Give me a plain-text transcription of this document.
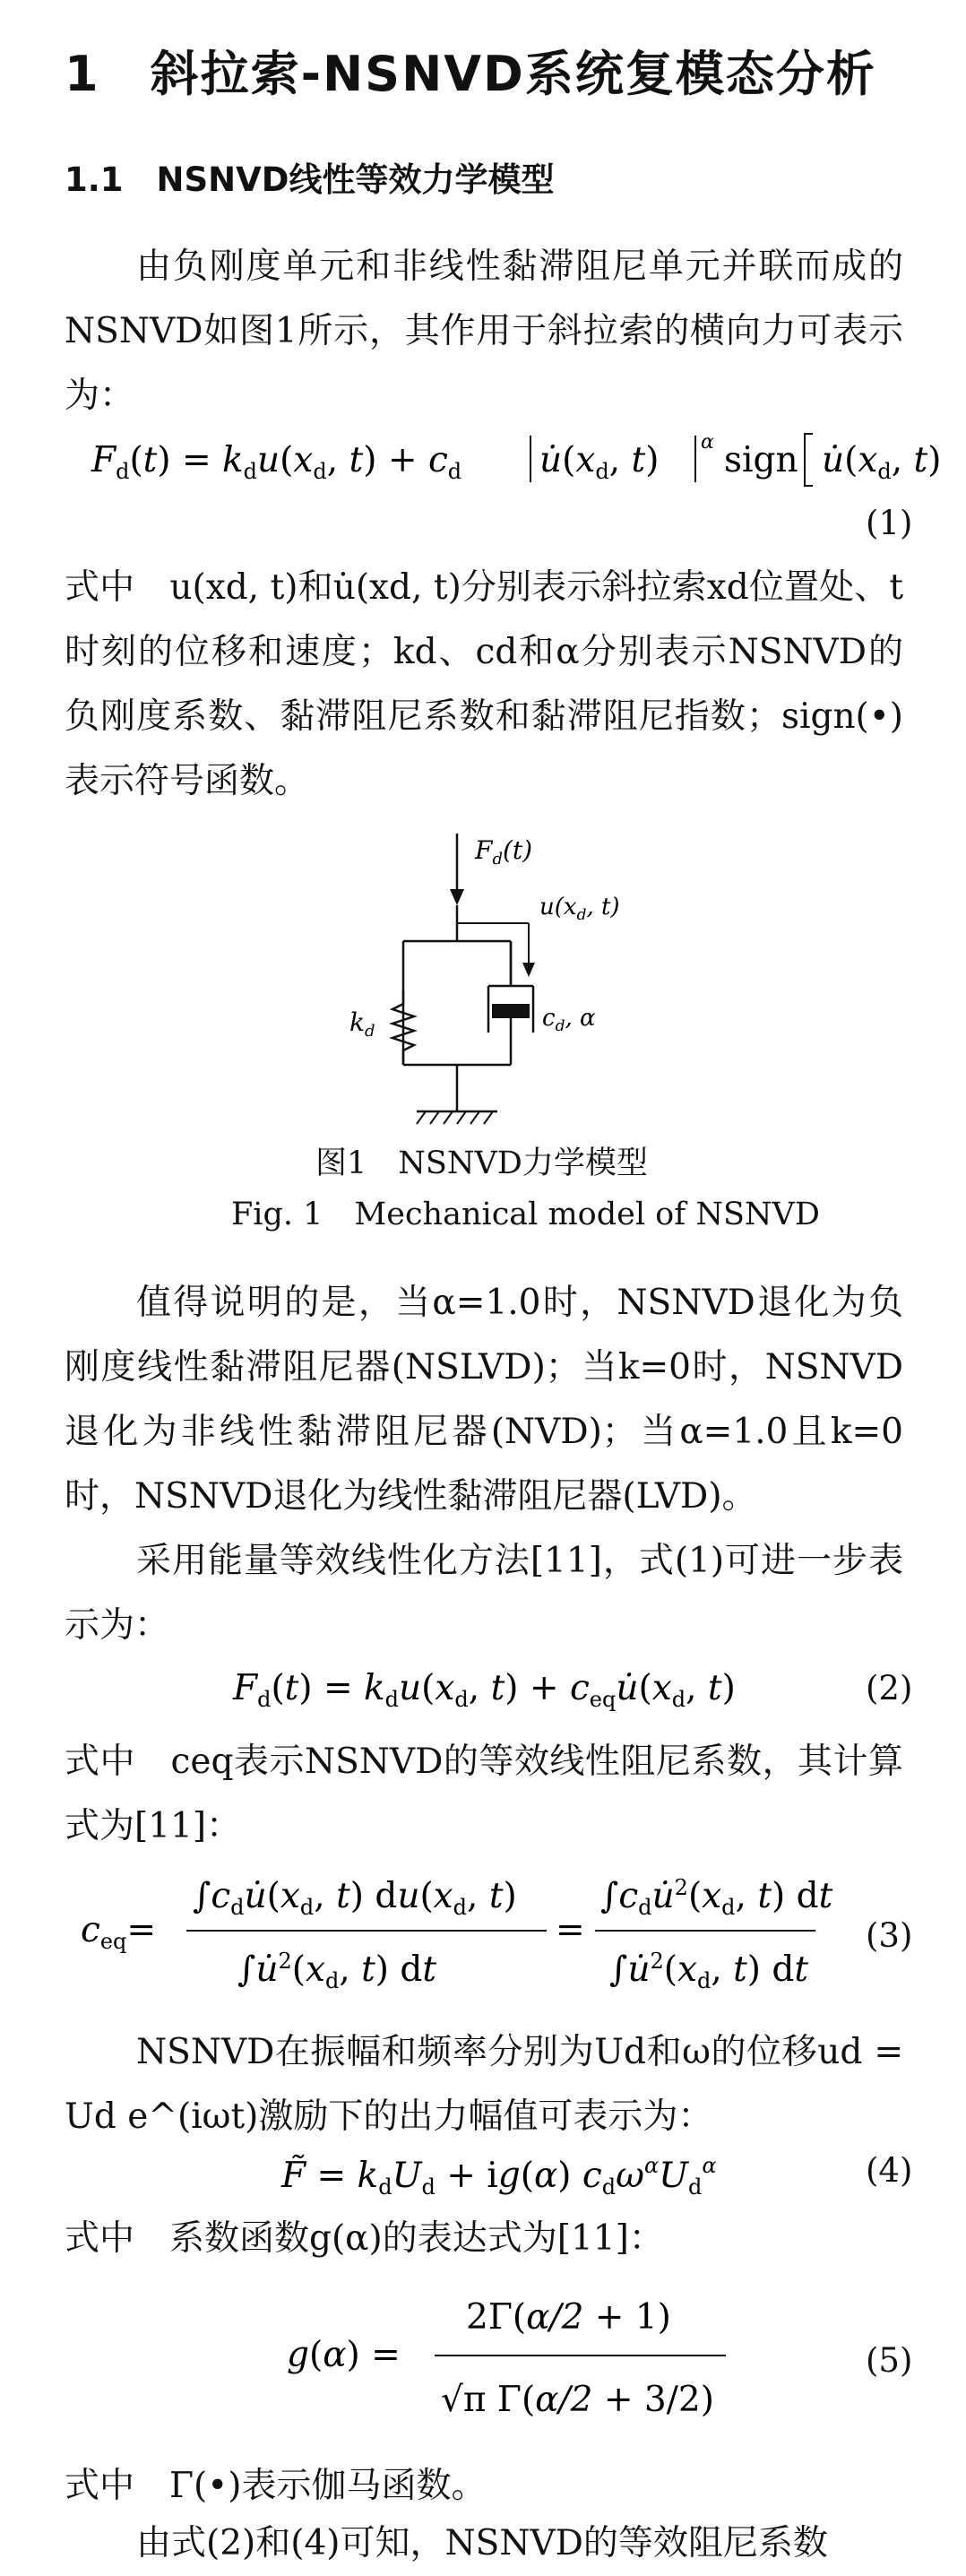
1　斜拉索-NSNVD系统复模态分析
1.1　NSNVD线性等效力学模型
由负刚度单元和非线性黏滞阻尼单元并联而成的NSNVD如图1所示，其作用于斜拉索的横向力可表示为：
$F_d(t) = k_du(x_d$, $t) + c_d$ $u̇(x_d$, t) α sign $u̇(x_d$, t)
(1)
式中　u(xd, t)和u̇(xd, t)分别表示斜拉索xd位置处、t时刻的位移和速度；kd、cd和α分别表示NSNVD的负刚度系数、黏滞阻尼系数和黏滞阻尼指数；sign(•)表示符号函数。
$F_d(t)$
$u(x_d$, t)
$k_d$	$c_d$, α
图1　NSNVD力学模型
Fig. 1　Mechanical model of NSNVD
值得说明的是，当α=1.0时，NSNVD退化为负刚度线性黏滞阻尼器(NSLVD)；当k=0时，NSNVD退化为非线性黏滞阻尼器(NVD)；当α=1.0且k=0时，NSNVD退化为线性黏滞阻尼器(LVD)。
采用能量等效线性化方法[11]，式(1)可进一步表示为：
$F_d(t) = k_du(x_d$, $t) + c_{eq}u̇(x_d$, t)	(2)
式中　ceq表示NSNVD的等效线性阻尼系数，其计算式为[11]：
$c_{eq}=$
$\int c_du̇(x_d$, t) $du(x_d$, t)
$\int u̇^2(x_d$, t) dt
=
$\int c_du̇^2(x_d$, t) dt
$\int u̇^2(x_d$, t) dt
(3)
NSNVD在振幅和频率分别为Ud和ω的位移ud = Ud e^(iωt)激励下的出力幅值可表示为：
F̃ = $k_dU_d + ig(\alpha)$ $c_d\omega^\alpha U_d^\alpha$	(4)
式中　系数函数g(α)的表达式为[11]：
g(α) =
2Γ(α/2 + 1)
√π Γ(α/2 + 3/2)
(5)
式中　Γ(•)表示伽马函数。
由式(2)和(4)可知，NSNVD的等效阻尼系数
